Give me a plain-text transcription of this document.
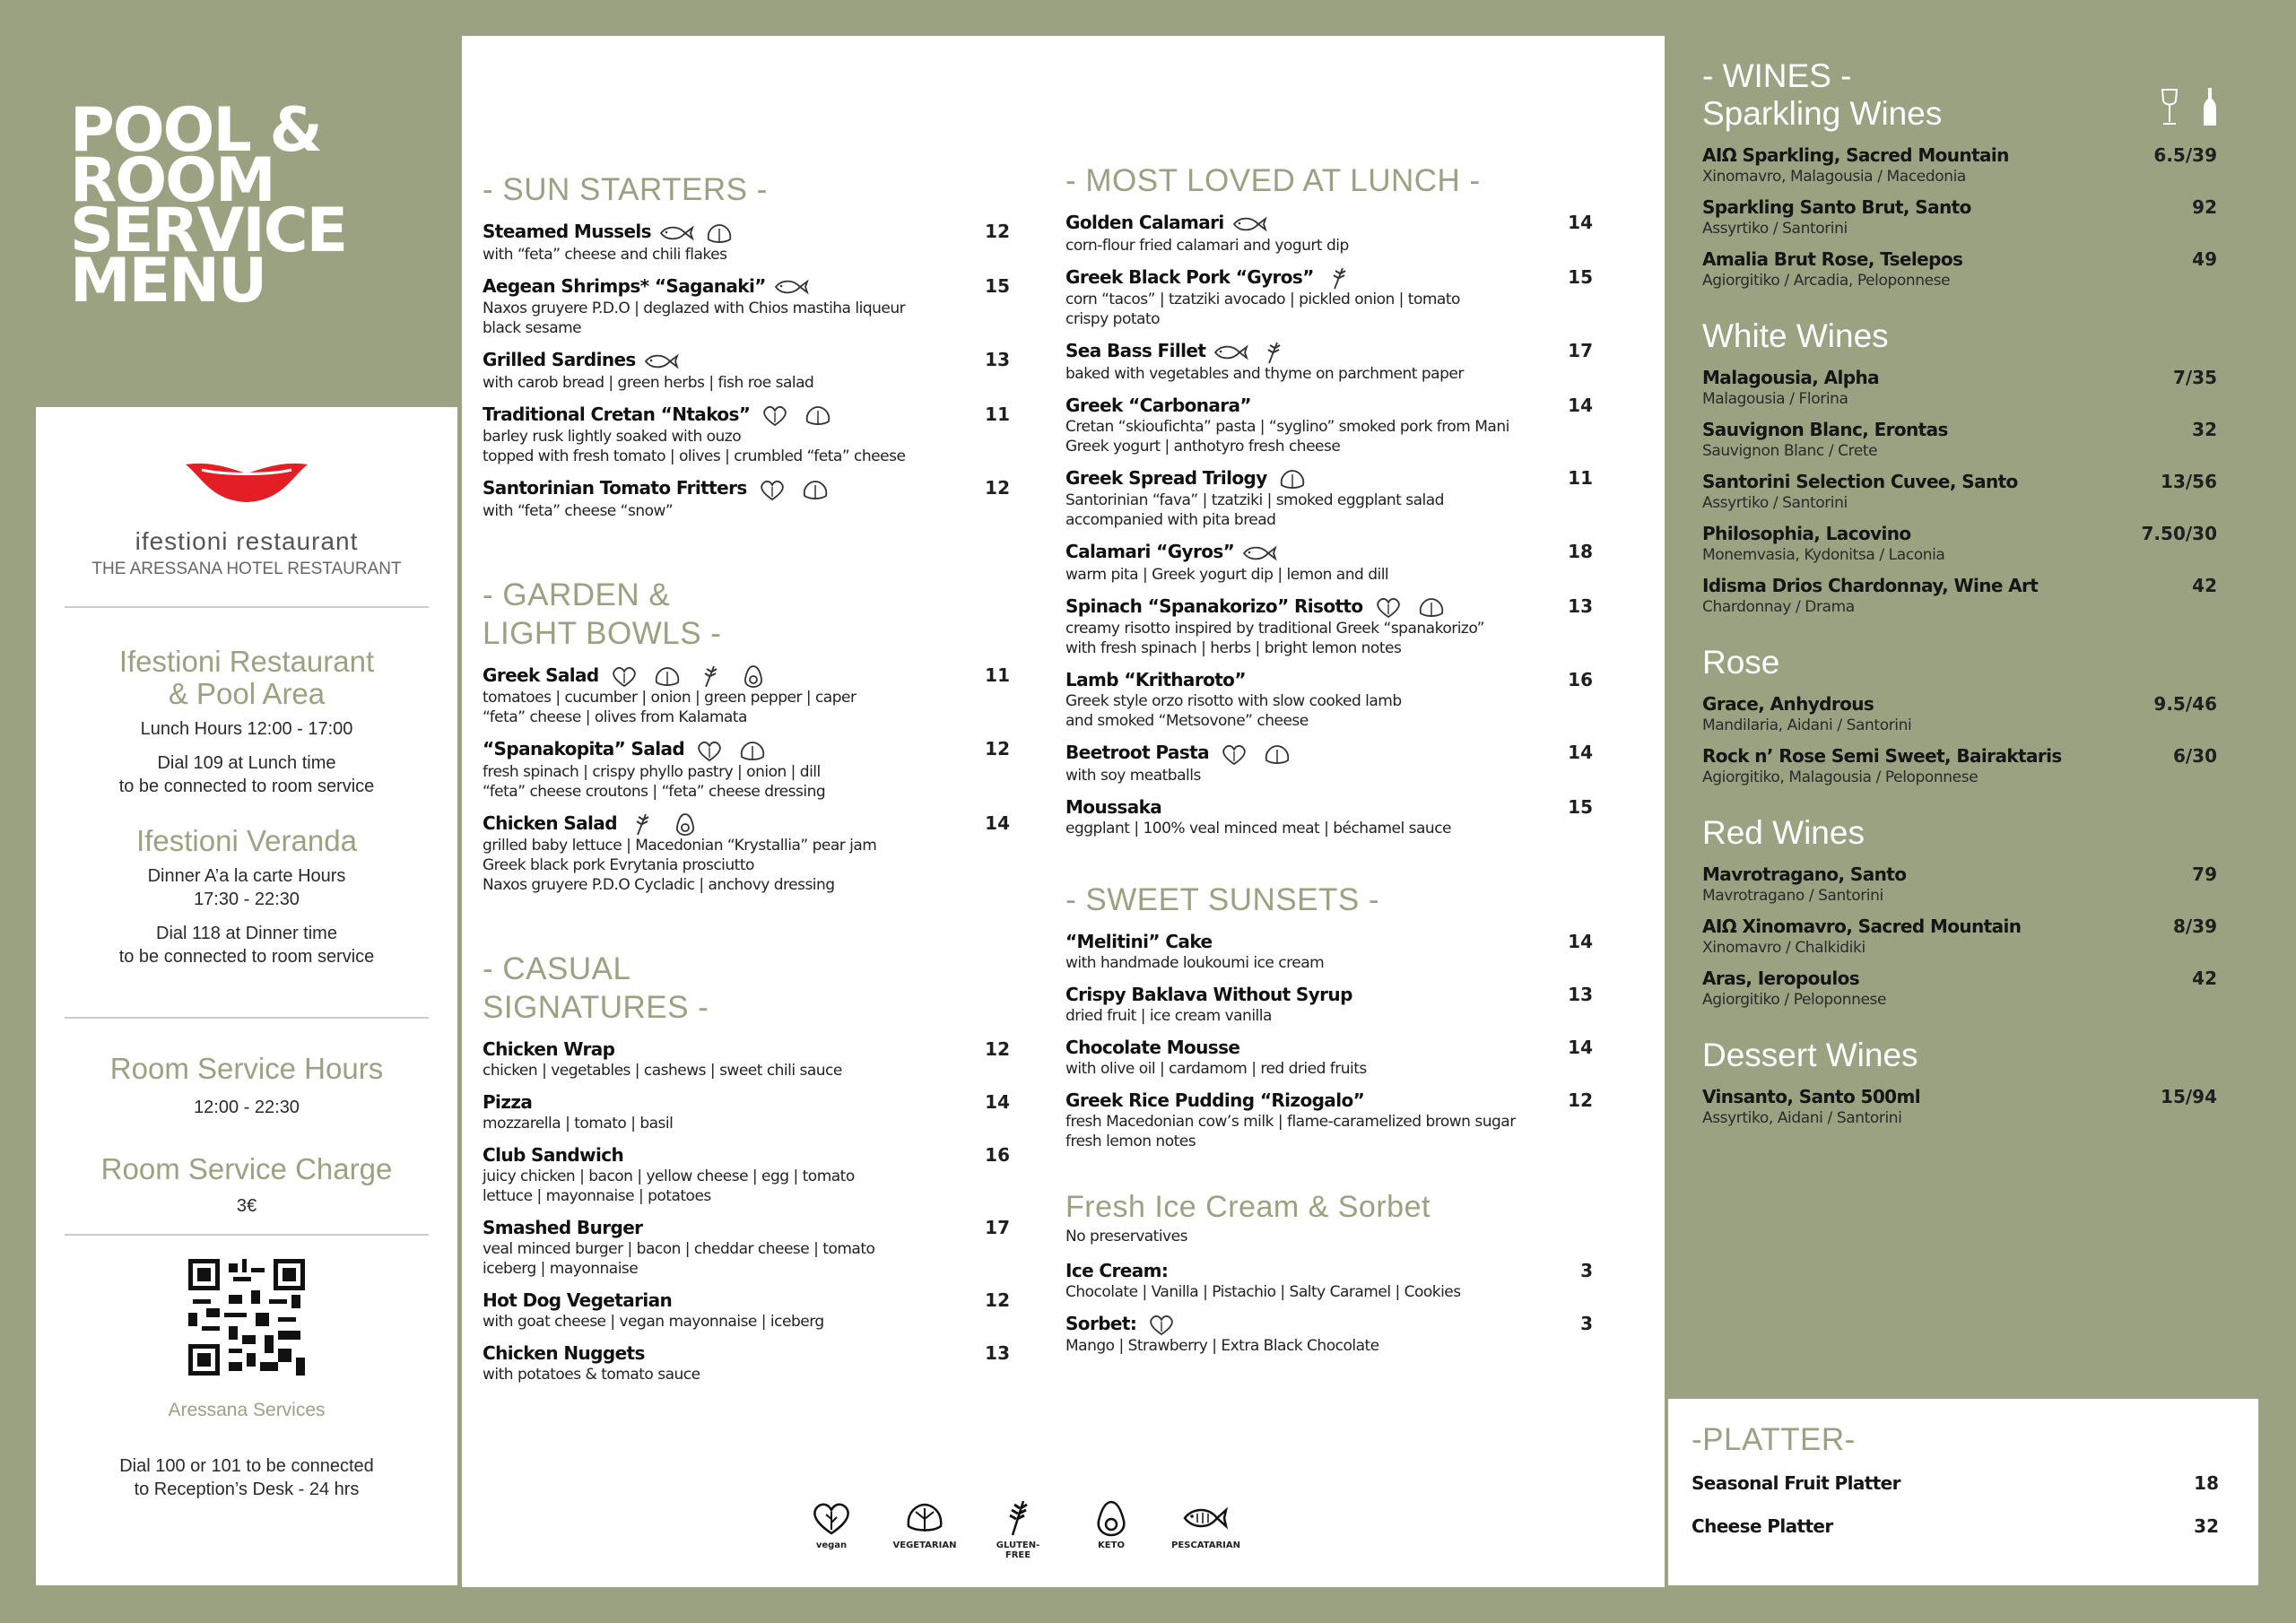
POOL &
ROOM
SERVICE
MENU
ifestioni restaurant
THE ARESSANA HOTEL RESTAURANT
Ifestioni Restaurant
& Pool Area
Lunch Hours 12:00 - 17:00
Dial 109 at Lunch time
to be connected to room service
Ifestioni Veranda
Dinner A’a la carte Hours
17:30 - 22:30
Dial 118 at Dinner time
to be connected to room service
Room Service Hours
12:00 - 22:30
Room Service Charge
3€
Aressana Services
Dial 100 or 101 to be connected
to Reception’s Desk - 24 hrs
- SUN STARTERS -
Steamed Mussels
with “feta” cheese and chili flakes
12
Aegean Shrimps* “Saganaki”
Naxos gruyere P.D.O | deglazed with Chios mastiha liqueur
black sesame
15
Grilled Sardines
with carob bread | green herbs | fish roe salad
13
Traditional Cretan “Ntakos”
barley rusk lightly soaked with ouzo
topped with fresh tomato | olives | crumbled “feta” cheese
11
Santorinian Tomato Fritters
with “feta” cheese “snow”
12
- GARDEN &
LIGHT BOWLS -
Greek Salad
tomatoes | cucumber | onion | green pepper | caper
“feta” cheese | olives from Kalamata
11
“Spanakopita” Salad
fresh spinach | crispy phyllo pastry | onion | dill
“feta” cheese croutons | “feta” cheese dressing
12
Chicken Salad
grilled baby lettuce | Macedonian “Krystallia” pear jam
Greek black pork Evrytania prosciutto
Naxos gruyere P.D.O Cycladic | anchovy dressing
14
- CASUAL
SIGNATURES -
Chicken Wrap
chicken | vegetables | cashews | sweet chili sauce
12
Pizza
mozzarella | tomato | basil
14
Club Sandwich
juicy chicken | bacon | yellow cheese | egg | tomato
lettuce | mayonnaise | potatoes
16
Smashed Burger
veal minced burger | bacon | cheddar cheese | tomato
iceberg | mayonnaise
17
Hot Dog Vegetarian
with goat cheese | vegan mayonnaise | iceberg
12
Chicken Nuggets
with potatoes & tomato sauce
13
- MOST LOVED AT LUNCH -
Golden Calamari
corn-flour fried calamari and yogurt dip
14
Greek Black Pork “Gyros”
corn “tacos” | tzatziki avocado | pickled onion | tomato
crispy potato
15
Sea Bass Fillet
baked with vegetables and thyme on parchment paper
17
Greek “Carbonara”
Cretan “skioufichta” pasta | “syglino” smoked pork from Mani
Greek yogurt | anthotyro fresh cheese
14
Greek Spread Trilogy
Santorinian “fava” | tzatziki | smoked eggplant salad
accompanied with pita bread
11
Calamari “Gyros”
warm pita | Greek yogurt dip | lemon and dill
18
Spinach “Spanakorizo” Risotto
creamy risotto inspired by traditional Greek “spanakorizo”
with fresh spinach | herbs | bright lemon notes
13
Lamb “Kritharoto”
Greek style orzo risotto with slow cooked lamb
and smoked “Metsovone” cheese
16
Beetroot Pasta
with soy meatballs
14
Moussaka
eggplant | 100% veal minced meat | béchamel sauce
15
- SWEET SUNSETS -
“Melitini” Cake
with handmade loukoumi ice cream
14
Crispy Baklava Without Syrup
dried fruit | ice cream vanilla
13
Chocolate Mousse
with olive oil | cardamom | red dried fruits
14
Greek Rice Pudding “Rizogalo”
fresh Macedonian cow’s milk | flame-caramelized brown sugar
fresh lemon notes
12
Fresh Ice Cream & Sorbet
No preservatives
Ice Cream:
Chocolate | Vanilla | Pistachio | Salty Caramel | Cookies
3
Sorbet:
Mango | Strawberry | Extra Black Chocolate
3
vegan	VEGETARIAN	GLUTEN-FREE
KETO	PESCATARIAN
- WINES -
Sparkling Wines
AIΩ Sparkling, Sacred Mountain
Xinomavro, Malagousia / Macedonia
6.5/39
Sparkling Santo Brut, Santo
Assyrtiko / Santorini
92
Amalia Brut Rose, Tselepos
Agiorgitiko / Arcadia, Peloponnese
49
White Wines
Malagousia, Alpha
Malagousia / Florina
7/35
Sauvignon Blanc, Erontas
Sauvignon Blanc / Crete
32
Santorini Selection Cuvee, Santo
Assyrtiko / Santorini
13/56
Philosophia, Lacovino
Monemvasia, Kydonitsa / Laconia
7.50/30
Idisma Drios Chardonnay, Wine Art
Chardonnay / Drama
42
Rose
Grace, Anhydrous
Mandilaria, Aidani / Santorini
9.5/46
Rock n’ Rose Semi Sweet, Bairaktaris
Agiorgitiko, Malagousia / Peloponnese
6/30
Red Wines
Mavrotragano, Santo
Mavrotragano / Santorini
79
AIΩ Xinomavro, Sacred Mountain
Xinomavro / Chalkidiki
8/39
Aras, Ieropoulos
Agiorgitiko / Peloponnese
42
Dessert Wines
Vinsanto, Santo 500ml
Assyrtiko, Aidani / Santorini
15/94
-PLATTER-
Seasonal Fruit Platter	18
Cheese Platter	32
